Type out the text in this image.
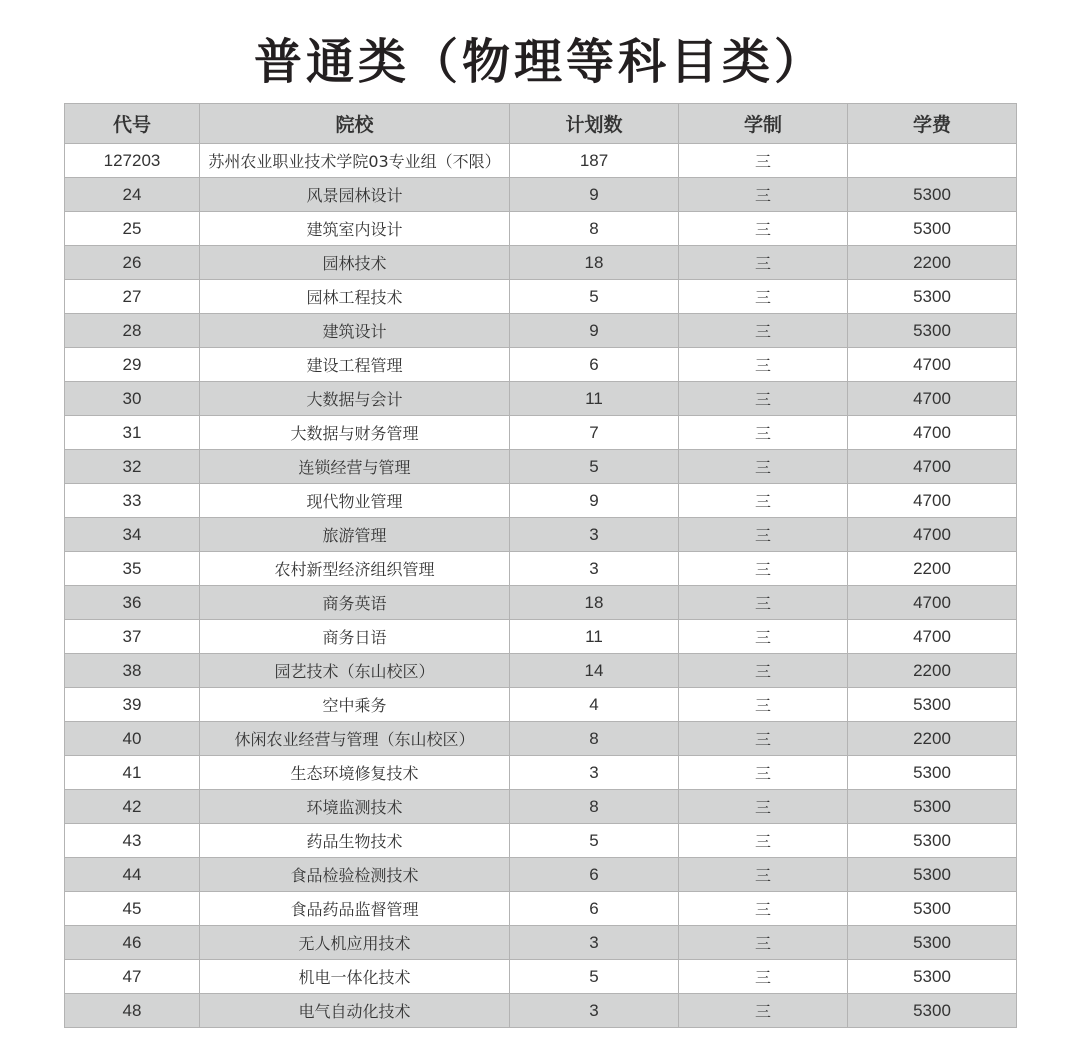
普通类（物理等科目类）
代号	院校	计划数	学制	学费
127203	苏州农业职业技术学院03专业组（不限）	187	三	
24	风景园林设计	9	三	5300
25	建筑室内设计	8	三	5300
26	园林技术	18	三	2200
27	园林工程技术	5	三	5300
28	建筑设计	9	三	5300
29	建设工程管理	6	三	4700
30	大数据与会计	11	三	4700
31	大数据与财务管理	7	三	4700
32	连锁经营与管理	5	三	4700
33	现代物业管理	9	三	4700
34	旅游管理	3	三	4700
35	农村新型经济组织管理	3	三	2200
36	商务英语	18	三	4700
37	商务日语	11	三	4700
38	园艺技术（东山校区）	14	三	2200
39	空中乘务	4	三	5300
40	休闲农业经营与管理（东山校区）	8	三	2200
41	生态环境修复技术	3	三	5300
42	环境监测技术	8	三	5300
43	药品生物技术	5	三	5300
44	食品检验检测技术	6	三	5300
45	食品药品监督管理	6	三	5300
46	无人机应用技术	3	三	5300
47	机电一体化技术	5	三	5300
48	电气自动化技术	3	三	5300
